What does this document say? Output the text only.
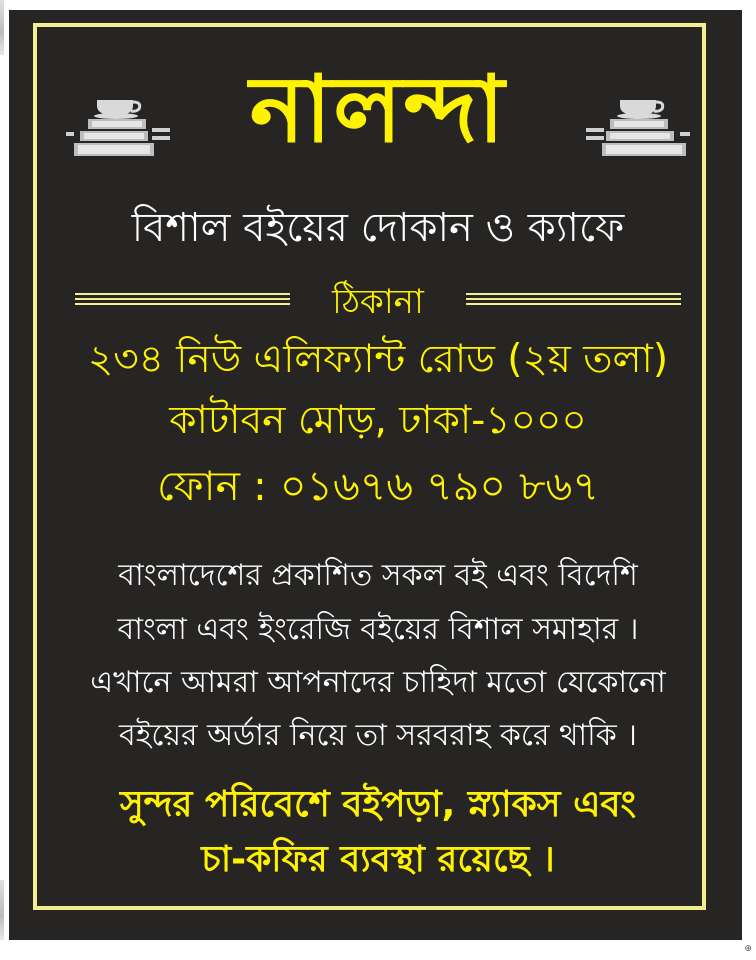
⊕
নালন্দা
বিশাল বইয়ের দোকান ও ক্যাফে
ঠিকানা
২৩৪ নিউ এলিফ্যান্ট রোড (২য় তলা)
কাটাবন মোড়, ঢাকা-১০০০
ফোন : ০১৬৭৬ ৭৯০ ৮৬৭
বাংলাদেশের প্রকাশিত সকল বই এবং বিদেশি
বাংলা এবং ইংরেজি বইয়ের বিশাল সমাহার ।
এখানে আমরা আপনাদের চাহিদা মতো যেকোনো
বইয়ের অর্ডার নিয়ে তা সরবরাহ করে থাকি ।
সুন্দর পরিবেশে বইপড়া, স্ন্যাকস এবং
চা-কফির ব্যবস্থা রয়েছে ।
